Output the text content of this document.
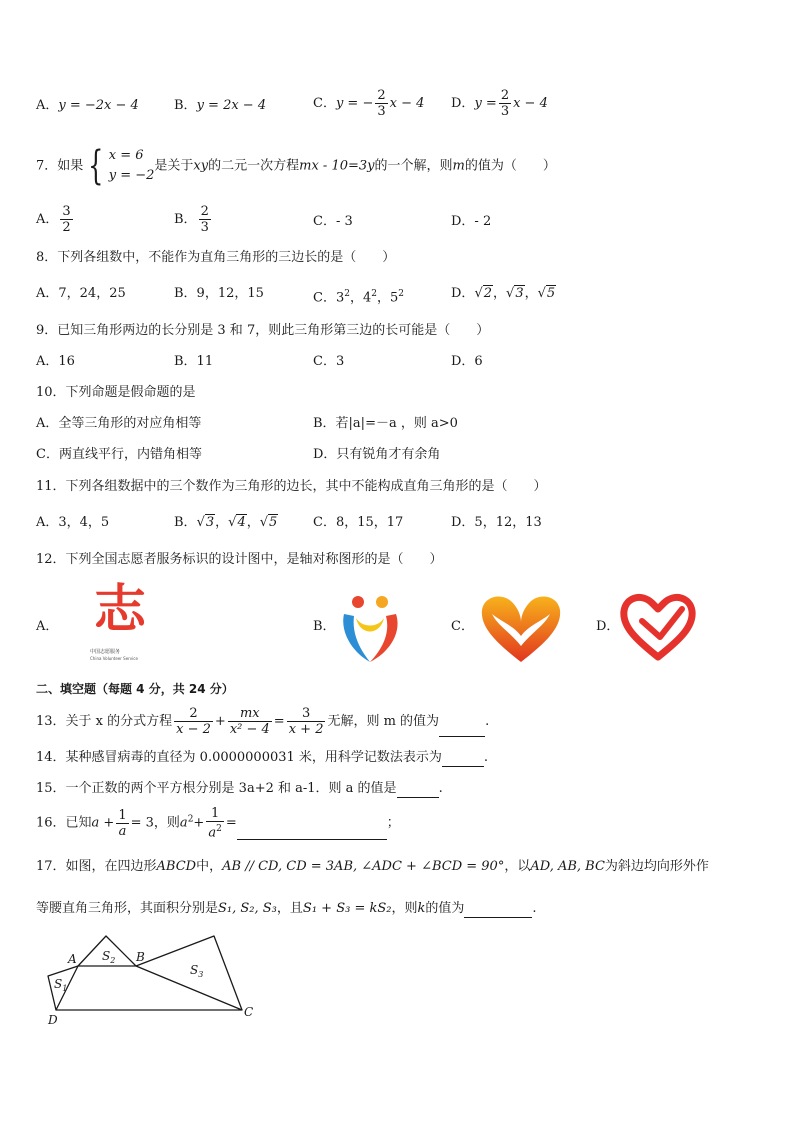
A．y = −2x − 4	B．y = 2x − 4	C．y = − $\frac{2}{3}$ x − 4 D．$y = \frac{2}{3}$ x − 4
7．如果 { x = 6
y = −2
是关于xy的二元一次方程mx - 10=3y的一个解，则m的值为（　　）
A． $\frac{3}{2}$	B． $\frac{2}{3}$	C．- 3	D．- 2
8．下列各组数中，不能作为直角三角形的三边长的是（　　）
A．7，24，25	B．9，12，15	C．$3^2$，$4^2$，$5^2$	D．√2，√3，√5
9．已知三角形两边的长分别是 3 和 7，则此三角形第三边的长可能是（　　）
A．16	B．11	C．3	D．6
10．下列命题是假命题的是
A．全等三角形的对应角相等	B．若|a|=－a ，则 a>0
C．两直线平行，内错角相等	D．只有锐角才有余角
11．下列各组数据中的三个数作为三角形的边长，其中不能构成直角三角形的是（　　）
A．3，4，5	B．√3，√4，√5	C．8，15，17	D．5，12，13
12．下列全国志愿者服务标识的设计图中，是轴对称图形的是（　　）
A．	B．	C．	D．
志
中国志愿服务
China Volunteer Service
二、填空题（每题 4 分，共 24 分）
13．关于 x 的分式方程 $\frac{2}{x - 2} + \frac{mx}{\text{x² − 4}} = \frac{3}{x + 2}$ 无解，则 m 的值为	.
14．某种感冒病毒的直径为 0.0000000031 米，用科学记数法表示为	.
15．一个正数的两个平方根分别是 3a+2 和 a-1．则 a 的值是	.
16．已知$a + \frac{1}{a} = 3$，则$a^2+ \frac{1}{a^2}$ =	；
17．如图，在四边形ABCD中，AB // CD, CD = 3AB, ∠ADC + ∠BCD = 90°，以AD, AB, BC为斜边均向形外作
等腰直角三角形，其面积分别是S₁, S₂, S₃，且S₁ + S₃ = kS₂，则k的值为	.
A	B
C
D
$S_1$
$S_2$
$S_3$
